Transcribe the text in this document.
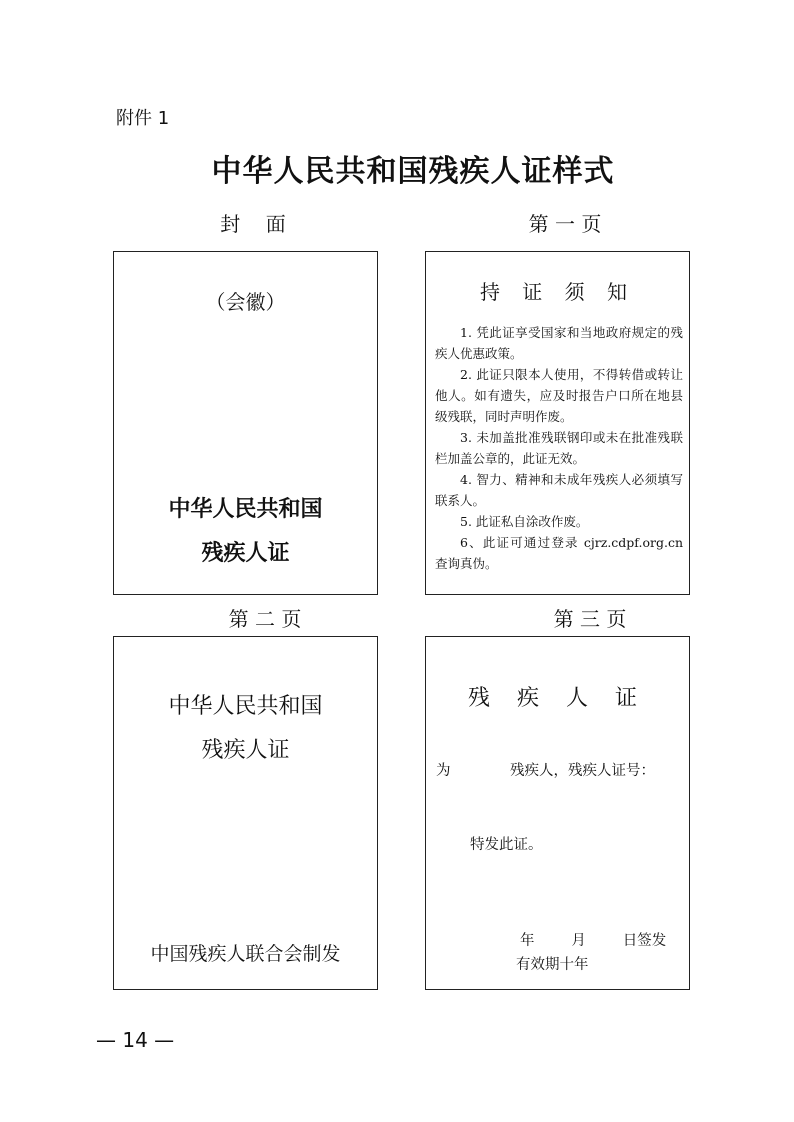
附件 1
中华人民共和国残疾人证样式
封    面	第 一 页
（会徽）
中华人民共和国
残疾人证
持 证 须 知

1. 凭此证享受国家和当地政府规定的残疾人优惠政策。

2. 此证只限本人使用，不得转借或转让他人。如有遗失，应及时报告户口所在地县级残联，同时声明作废。

3. 未加盖批准残联钢印或未在批准残联栏加盖公章的，此证无效。

4. 智力、精神和未成年残疾人必须填写联系人。

5. 此证私自涂改作废。

6、此证可通过登录 cjrz.cdpf.org.cn 查询真伪。

第 二 页	第 三 页
中华人民共和国
残疾人证
中国残疾人联合会制发
残 疾 人 证
为	残疾人，残疾人证号：
特发此证。
年        月        日签发
有效期十年
— 14 —
